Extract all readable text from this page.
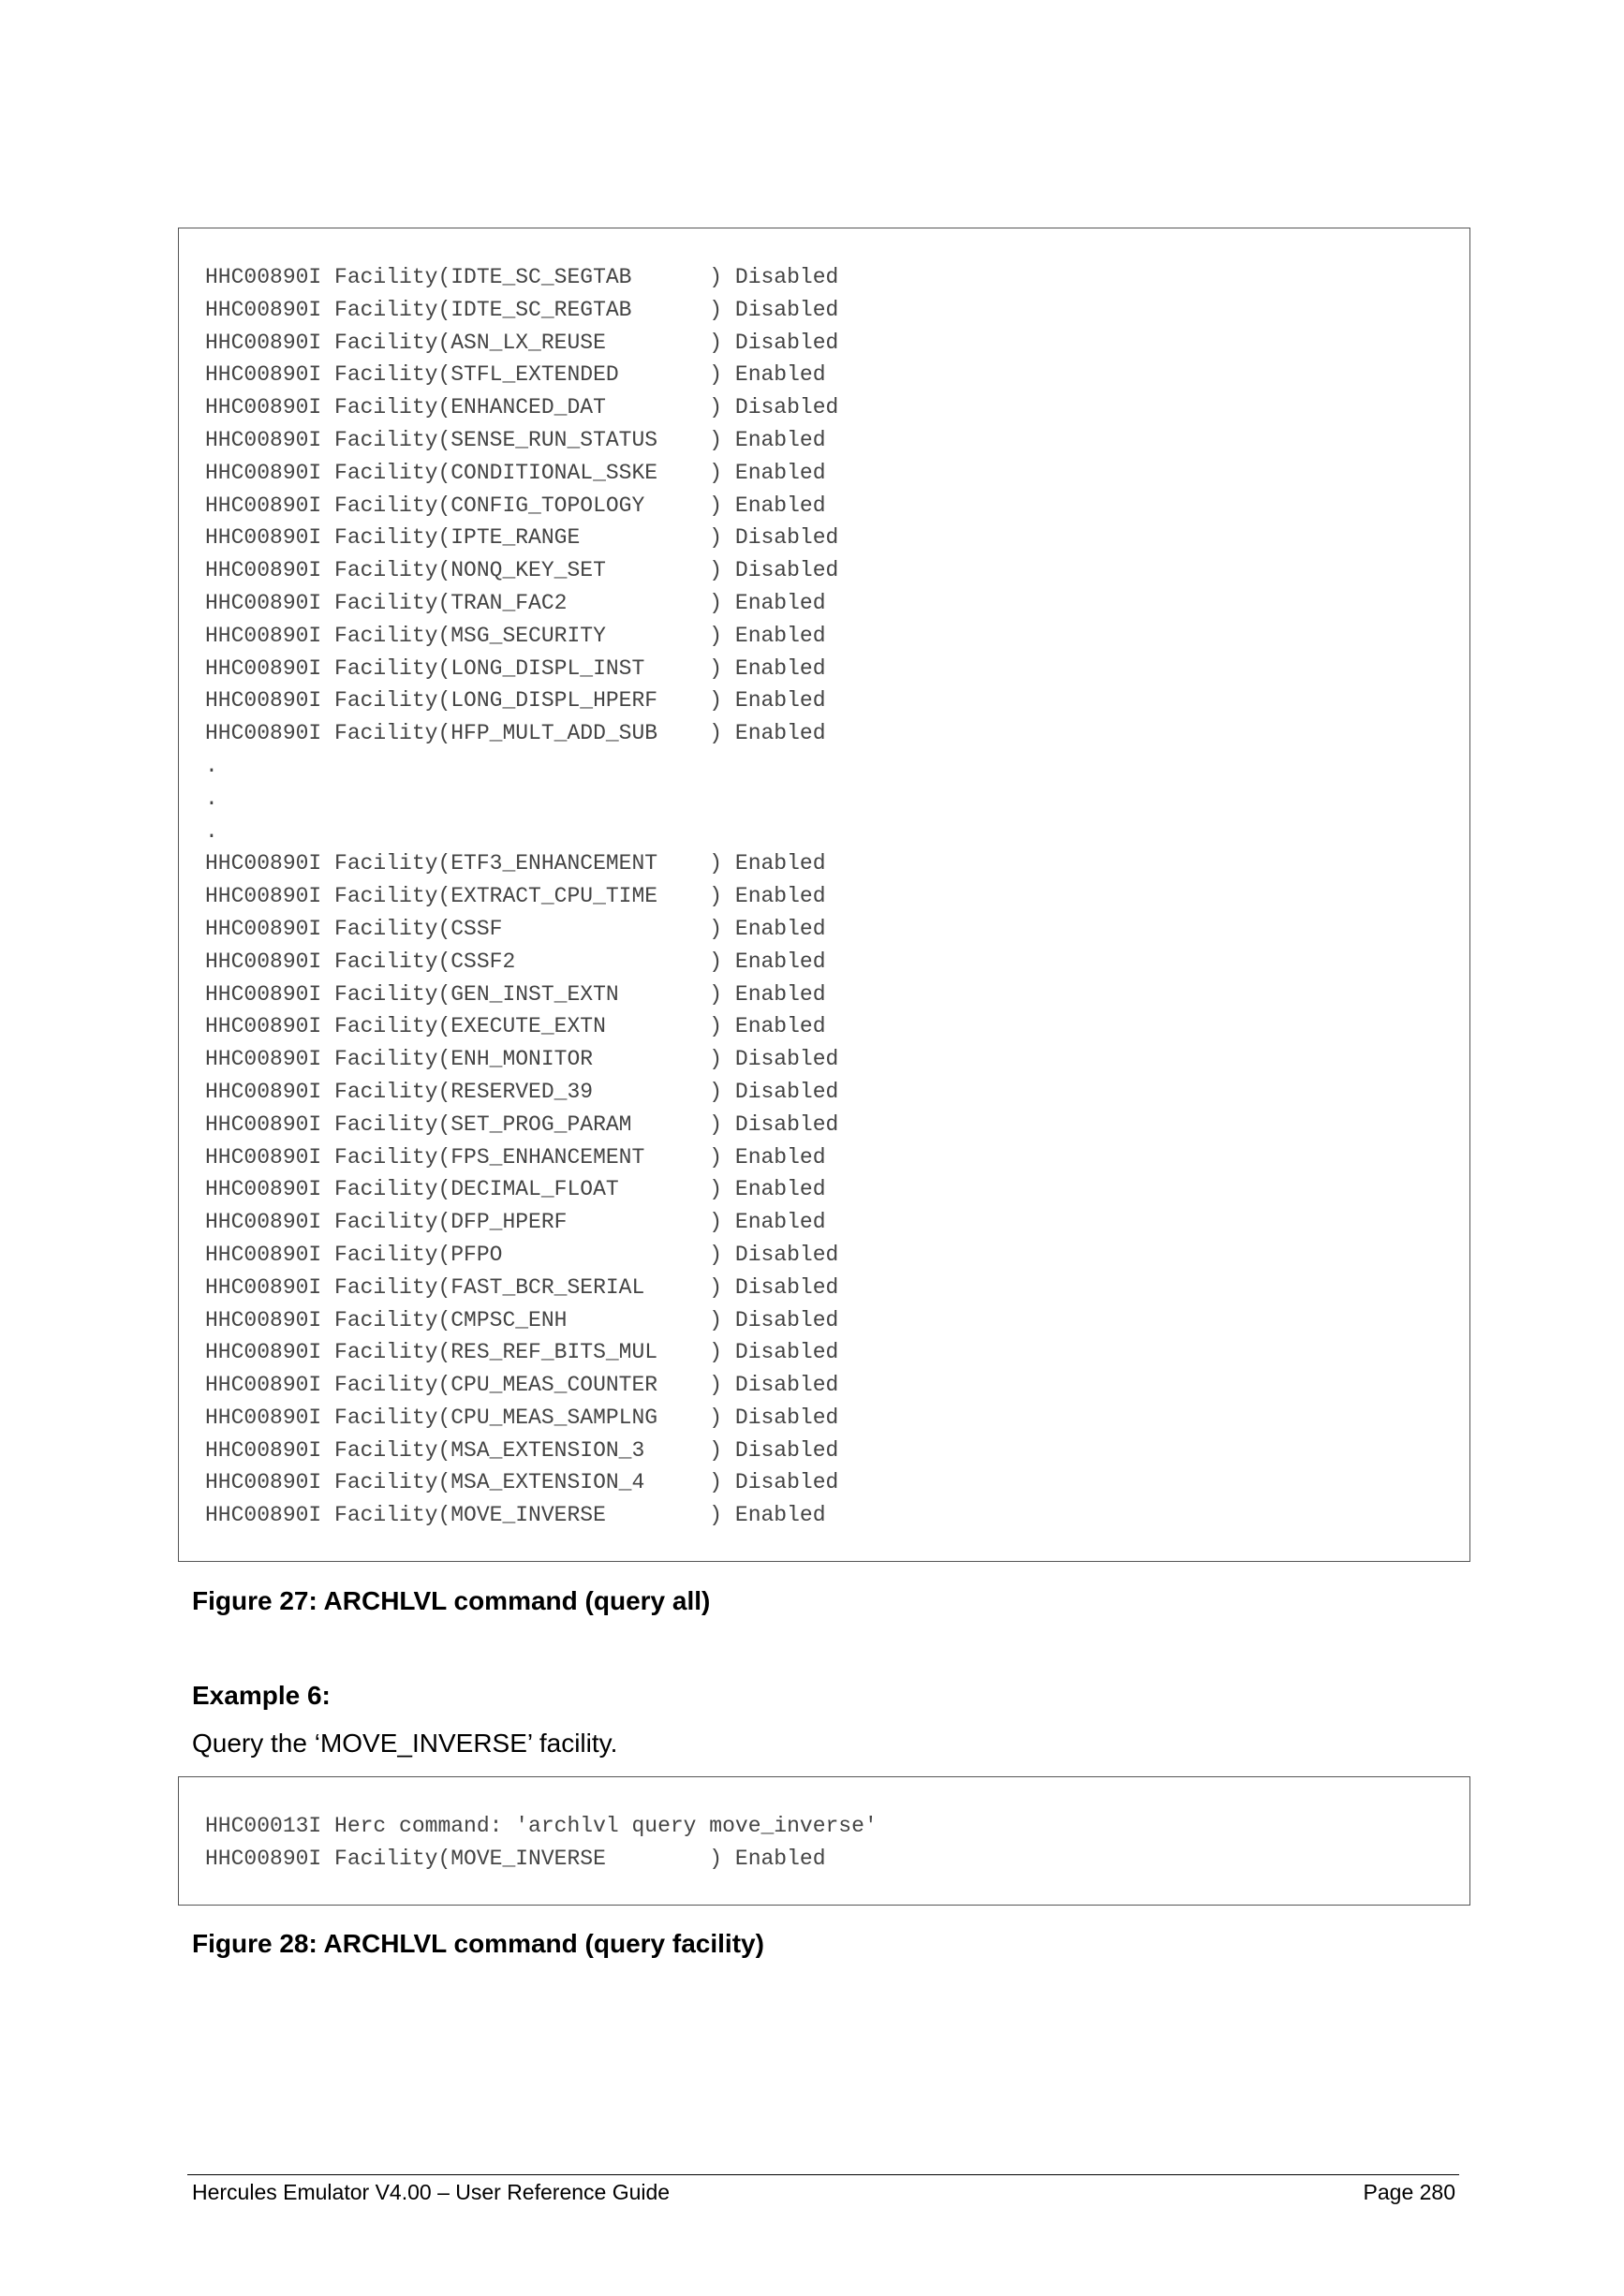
HHC00890I Facility(IDTE_SC_SEGTAB      ) Disabled
HHC00890I Facility(IDTE_SC_REGTAB      ) Disabled
HHC00890I Facility(ASN_LX_REUSE        ) Disabled
HHC00890I Facility(STFL_EXTENDED       ) Enabled
HHC00890I Facility(ENHANCED_DAT        ) Disabled
HHC00890I Facility(SENSE_RUN_STATUS    ) Enabled
HHC00890I Facility(CONDITIONAL_SSKE    ) Enabled
HHC00890I Facility(CONFIG_TOPOLOGY     ) Enabled
HHC00890I Facility(IPTE_RANGE          ) Disabled
HHC00890I Facility(NONQ_KEY_SET        ) Disabled
HHC00890I Facility(TRAN_FAC2           ) Enabled
HHC00890I Facility(MSG_SECURITY        ) Enabled
HHC00890I Facility(LONG_DISPL_INST     ) Enabled
HHC00890I Facility(LONG_DISPL_HPERF    ) Enabled
HHC00890I Facility(HFP_MULT_ADD_SUB    ) Enabled
.
.
.
HHC00890I Facility(ETF3_ENHANCEMENT    ) Enabled
HHC00890I Facility(EXTRACT_CPU_TIME    ) Enabled
HHC00890I Facility(CSSF                ) Enabled
HHC00890I Facility(CSSF2               ) Enabled
HHC00890I Facility(GEN_INST_EXTN       ) Enabled
HHC00890I Facility(EXECUTE_EXTN        ) Enabled
HHC00890I Facility(ENH_MONITOR         ) Disabled
HHC00890I Facility(RESERVED_39         ) Disabled
HHC00890I Facility(SET_PROG_PARAM      ) Disabled
HHC00890I Facility(FPS_ENHANCEMENT     ) Enabled
HHC00890I Facility(DECIMAL_FLOAT       ) Enabled
HHC00890I Facility(DFP_HPERF           ) Enabled
HHC00890I Facility(PFPO                ) Disabled
HHC00890I Facility(FAST_BCR_SERIAL     ) Disabled
HHC00890I Facility(CMPSC_ENH           ) Disabled
HHC00890I Facility(RES_REF_BITS_MUL    ) Disabled
HHC00890I Facility(CPU_MEAS_COUNTER    ) Disabled
HHC00890I Facility(CPU_MEAS_SAMPLNG    ) Disabled
HHC00890I Facility(MSA_EXTENSION_3     ) Disabled
HHC00890I Facility(MSA_EXTENSION_4     ) Disabled
HHC00890I Facility(MOVE_INVERSE        ) Enabled
Figure 27: ARCHLVL command (query all)
Example 6:
Query the ‘MOVE_INVERSE’ facility.
HHC00013I Herc command: 'archlvl query move_inverse'
HHC00890I Facility(MOVE_INVERSE        ) Enabled
Figure 28: ARCHLVL command (query facility)
Hercules Emulator V4.00 – User Reference Guide	Page 280
